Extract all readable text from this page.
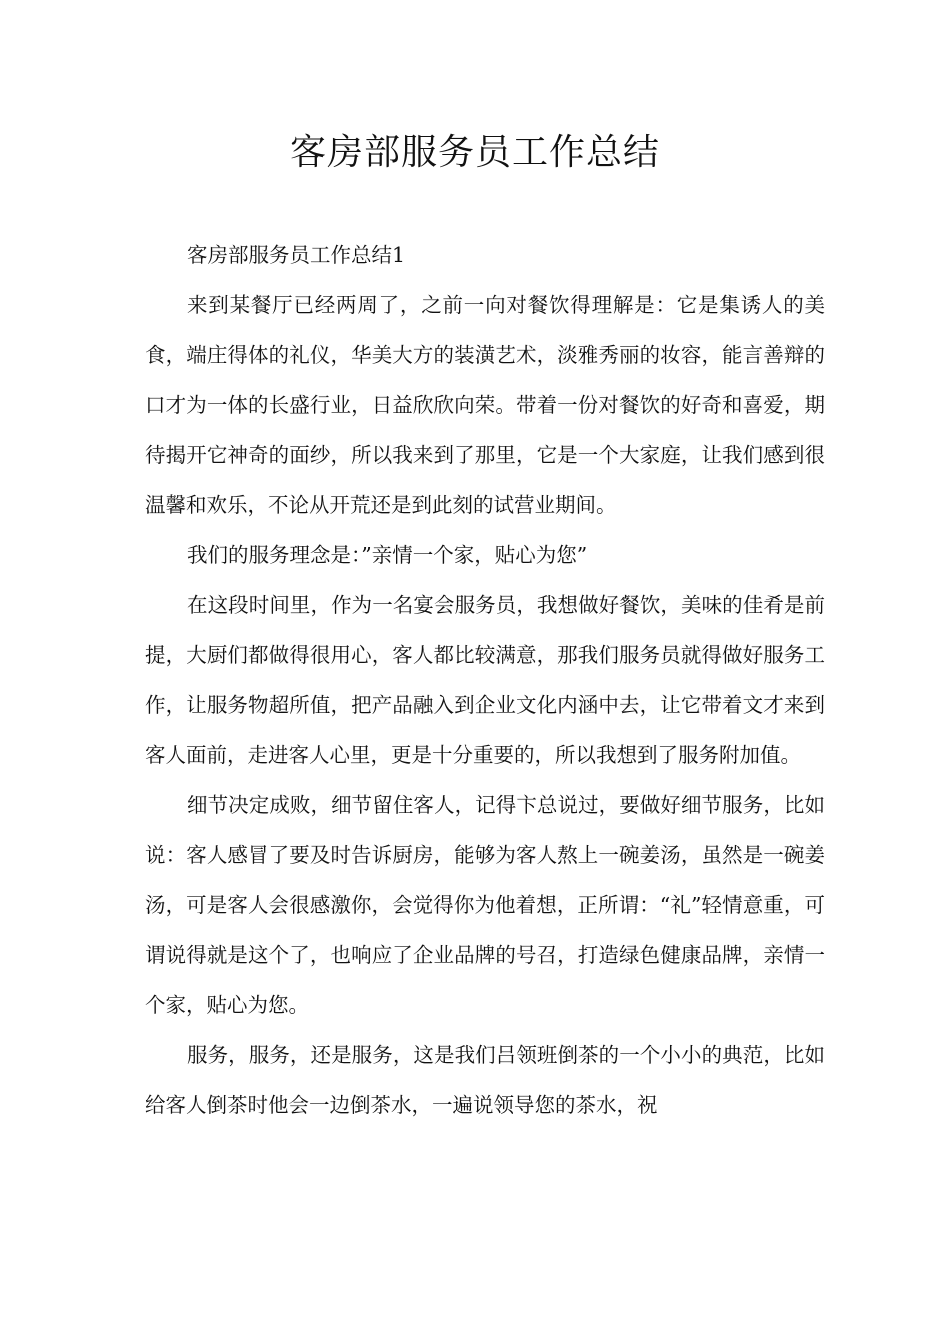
客房部服务员工作总结

客房部服务员工作总结1

来到某餐厅已经两周了，之前一向对餐饮得理解是：它是集诱人的美食，端庄得体的礼仪，华美大方的装潢艺术，淡雅秀丽的妆容，能言善辩的口才为一体的长盛行业，日益欣欣向荣。带着一份对餐饮的好奇和喜爱，期待揭开它神奇的面纱，所以我来到了那里，它是一个大家庭，让我们感到很温馨和欢乐，不论从开荒还是到此刻的试营业期间。

我们的服务理念是：”亲情一个家，贴心为您”

在这段时间里，作为一名宴会服务员，我想做好餐饮，美味的佳肴是前提，大厨们都做得很用心，客人都比较满意，那我们服务员就得做好服务工作，让服务物超所值，把产品融入到企业文化内涵中去，让它带着文才来到客人面前，走进客人心里，更是十分重要的，所以我想到了服务附加值。

细节决定成败，细节留住客人，记得卞总说过，要做好细节服务，比如说：客人感冒了要及时告诉厨房，能够为客人熬上一碗姜汤，虽然是一碗姜汤，可是客人会很感激你，会觉得你为他着想，正所谓：“礼”轻情意重，可谓说得就是这个了，也响应了企业品牌的号召，打造绿色健康品牌，亲情一个家，贴心为您。

服务，服务，还是服务，这是我们吕领班倒茶的一个小小的典范，比如给客人倒茶时他会一边倒茶水，一遍说领导您的茶水，祝
